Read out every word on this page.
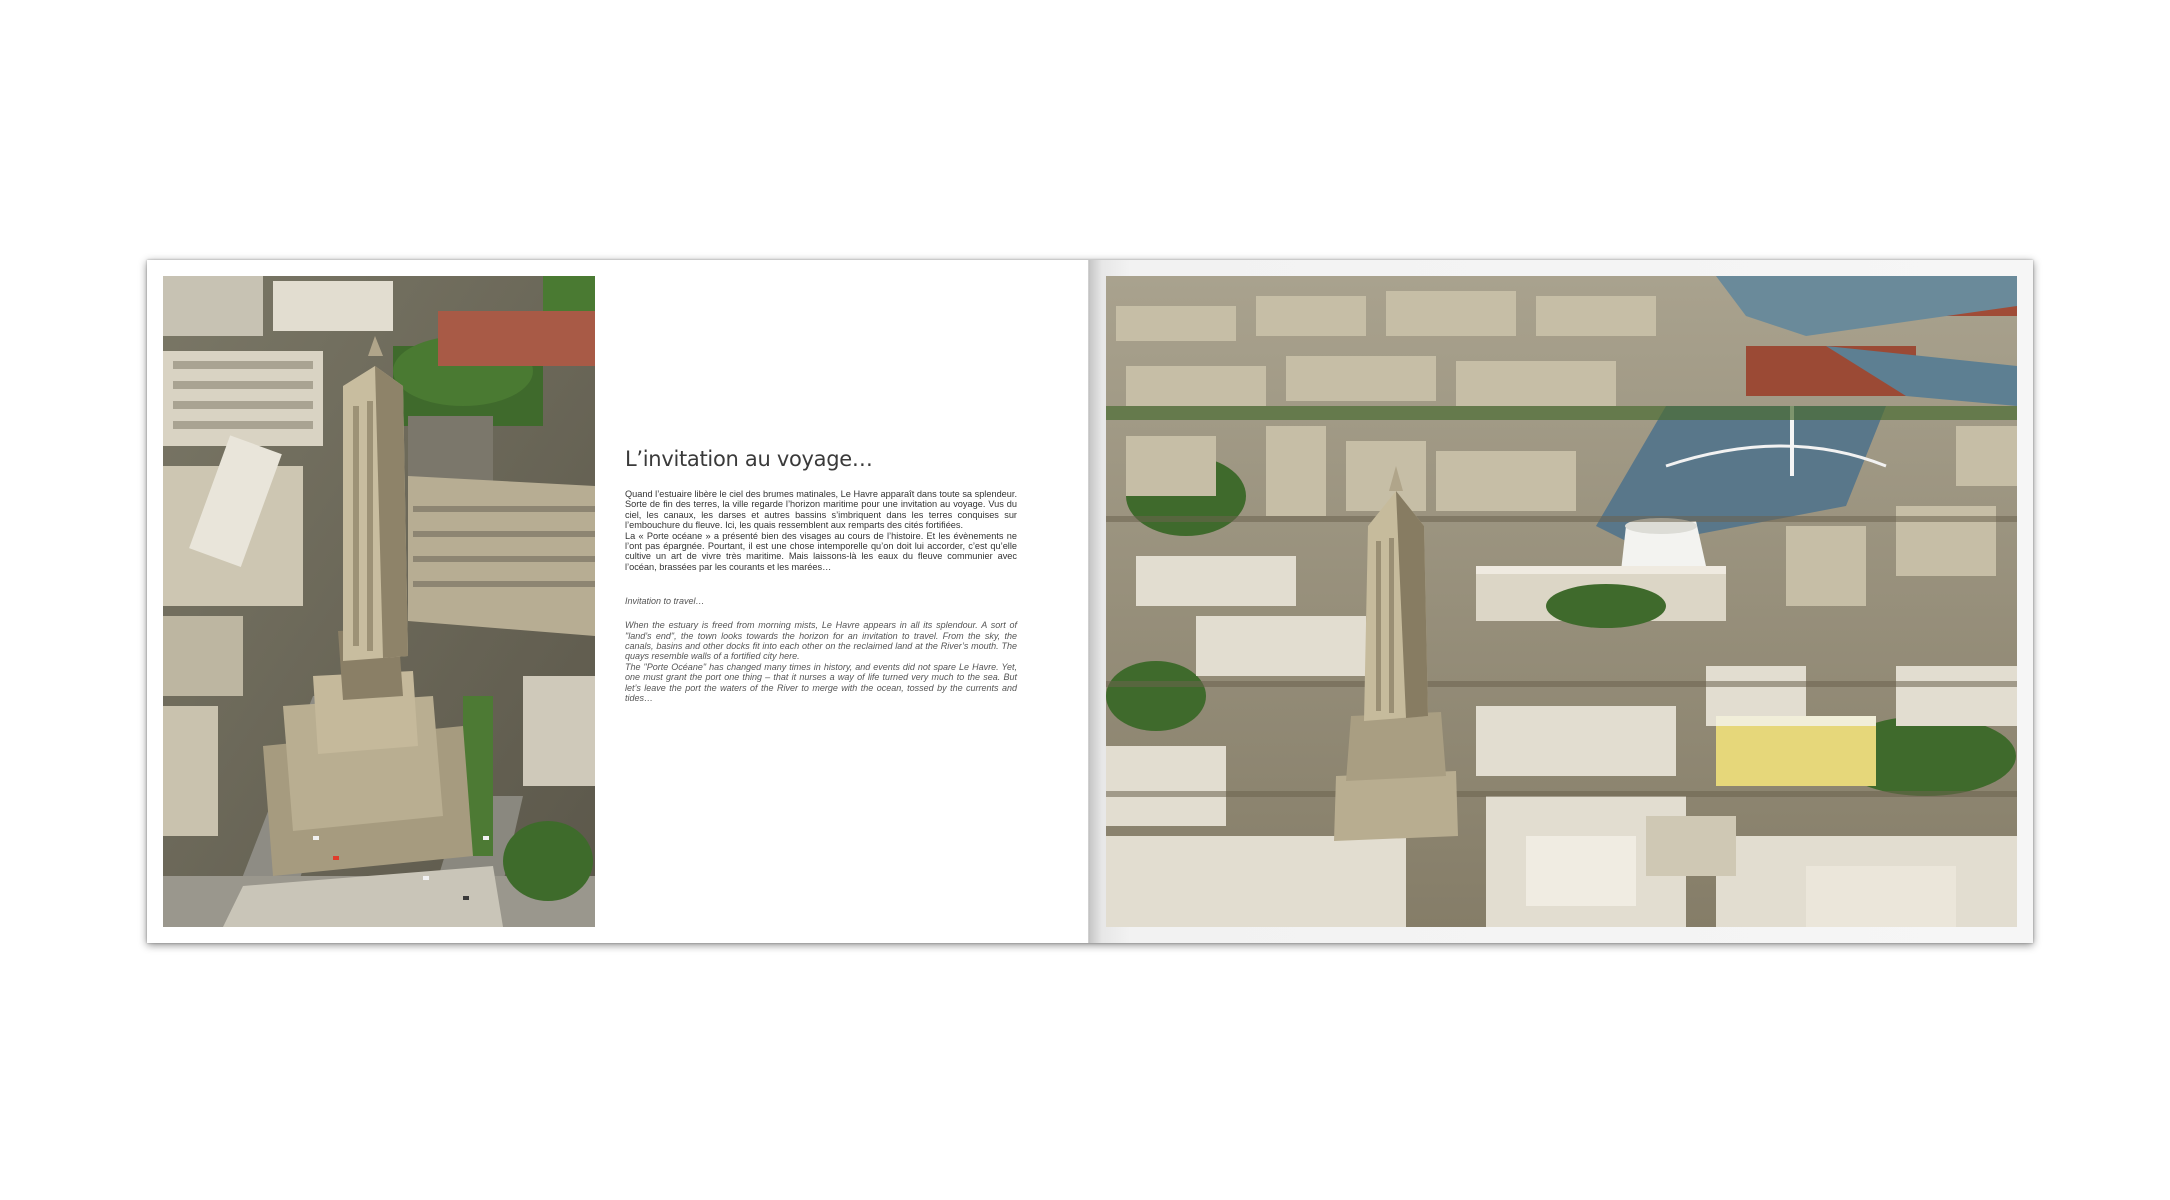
L’invitation au voyage…

Quand l’estuaire libère le ciel des brumes matinales, Le Havre apparaît dans toute sa splendeur. Sorte de fin des terres, la ville regarde l’horizon maritime pour une invitation au voyage. Vus du ciel, les canaux, les darses et autres bassins s’imbriquent dans les terres conquises sur l’embouchure du fleuve. Ici, les quais ressemblent aux remparts des cités fortifiées.

La « Porte océane » a présenté bien des visages au cours de l’histoire. Et les évènements ne l’ont pas épargnée. Pourtant, il est une chose intemporelle qu’on doit lui accorder, c’est qu’elle cultive un art de vivre très maritime. Mais laissons-là les eaux du fleuve communier avec l’océan, brassées par les courants et les marées…

Invitation to travel…

When the estuary is freed from morning mists, Le Havre appears in all its splendour. A sort of "land’s end", the town looks towards the horizon for an invitation to travel. From the sky, the canals, basins and other docks fit into each other on the reclaimed land at the River’s mouth. The quays resemble walls of a fortified city here.

The "Porte Océane" has changed many times in history, and events did not spare Le Havre. Yet, one must grant the port one thing – that it nurses a way of life turned very much to the sea. But let’s leave the port the waters of the River to merge with the ocean, tossed by the currents and tides…
